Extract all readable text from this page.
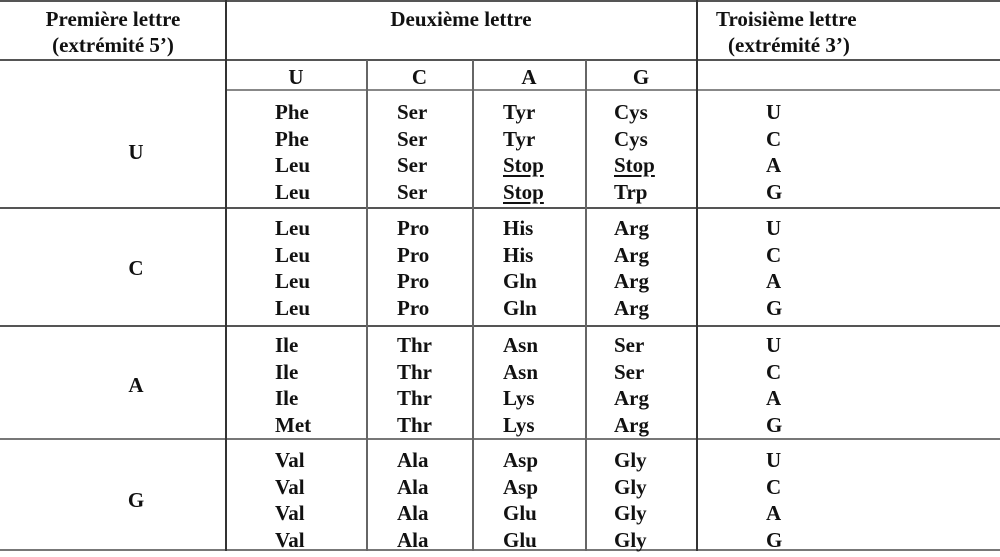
Première lettre
(extrémité 5’)
Deuxième lettre	Troisième lettre
(extrémité 3’)
U	C	A	G
U
Phe	Ser	Tyr	Cys	U
Phe	Ser	Tyr	Cys	C
Leu	Ser	Stop	Stop	A
Leu	Ser	Stop	Trp	G
C
Leu	Pro	His	Arg	U
Leu	Pro	His	Arg	C
Leu	Pro	Gln	Arg	A
Leu	Pro	Gln	Arg	G
A
Ile	Thr	Asn	Ser	U
Ile	Thr	Asn	Ser	C
Ile	Thr	Lys	Arg	A
Met	Thr	Lys	Arg	G
G
Val	Ala	Asp	Gly	U
Val	Ala	Asp	Gly	C
Val	Ala	Glu	Gly	A
Val	Ala	Glu	Gly	G
